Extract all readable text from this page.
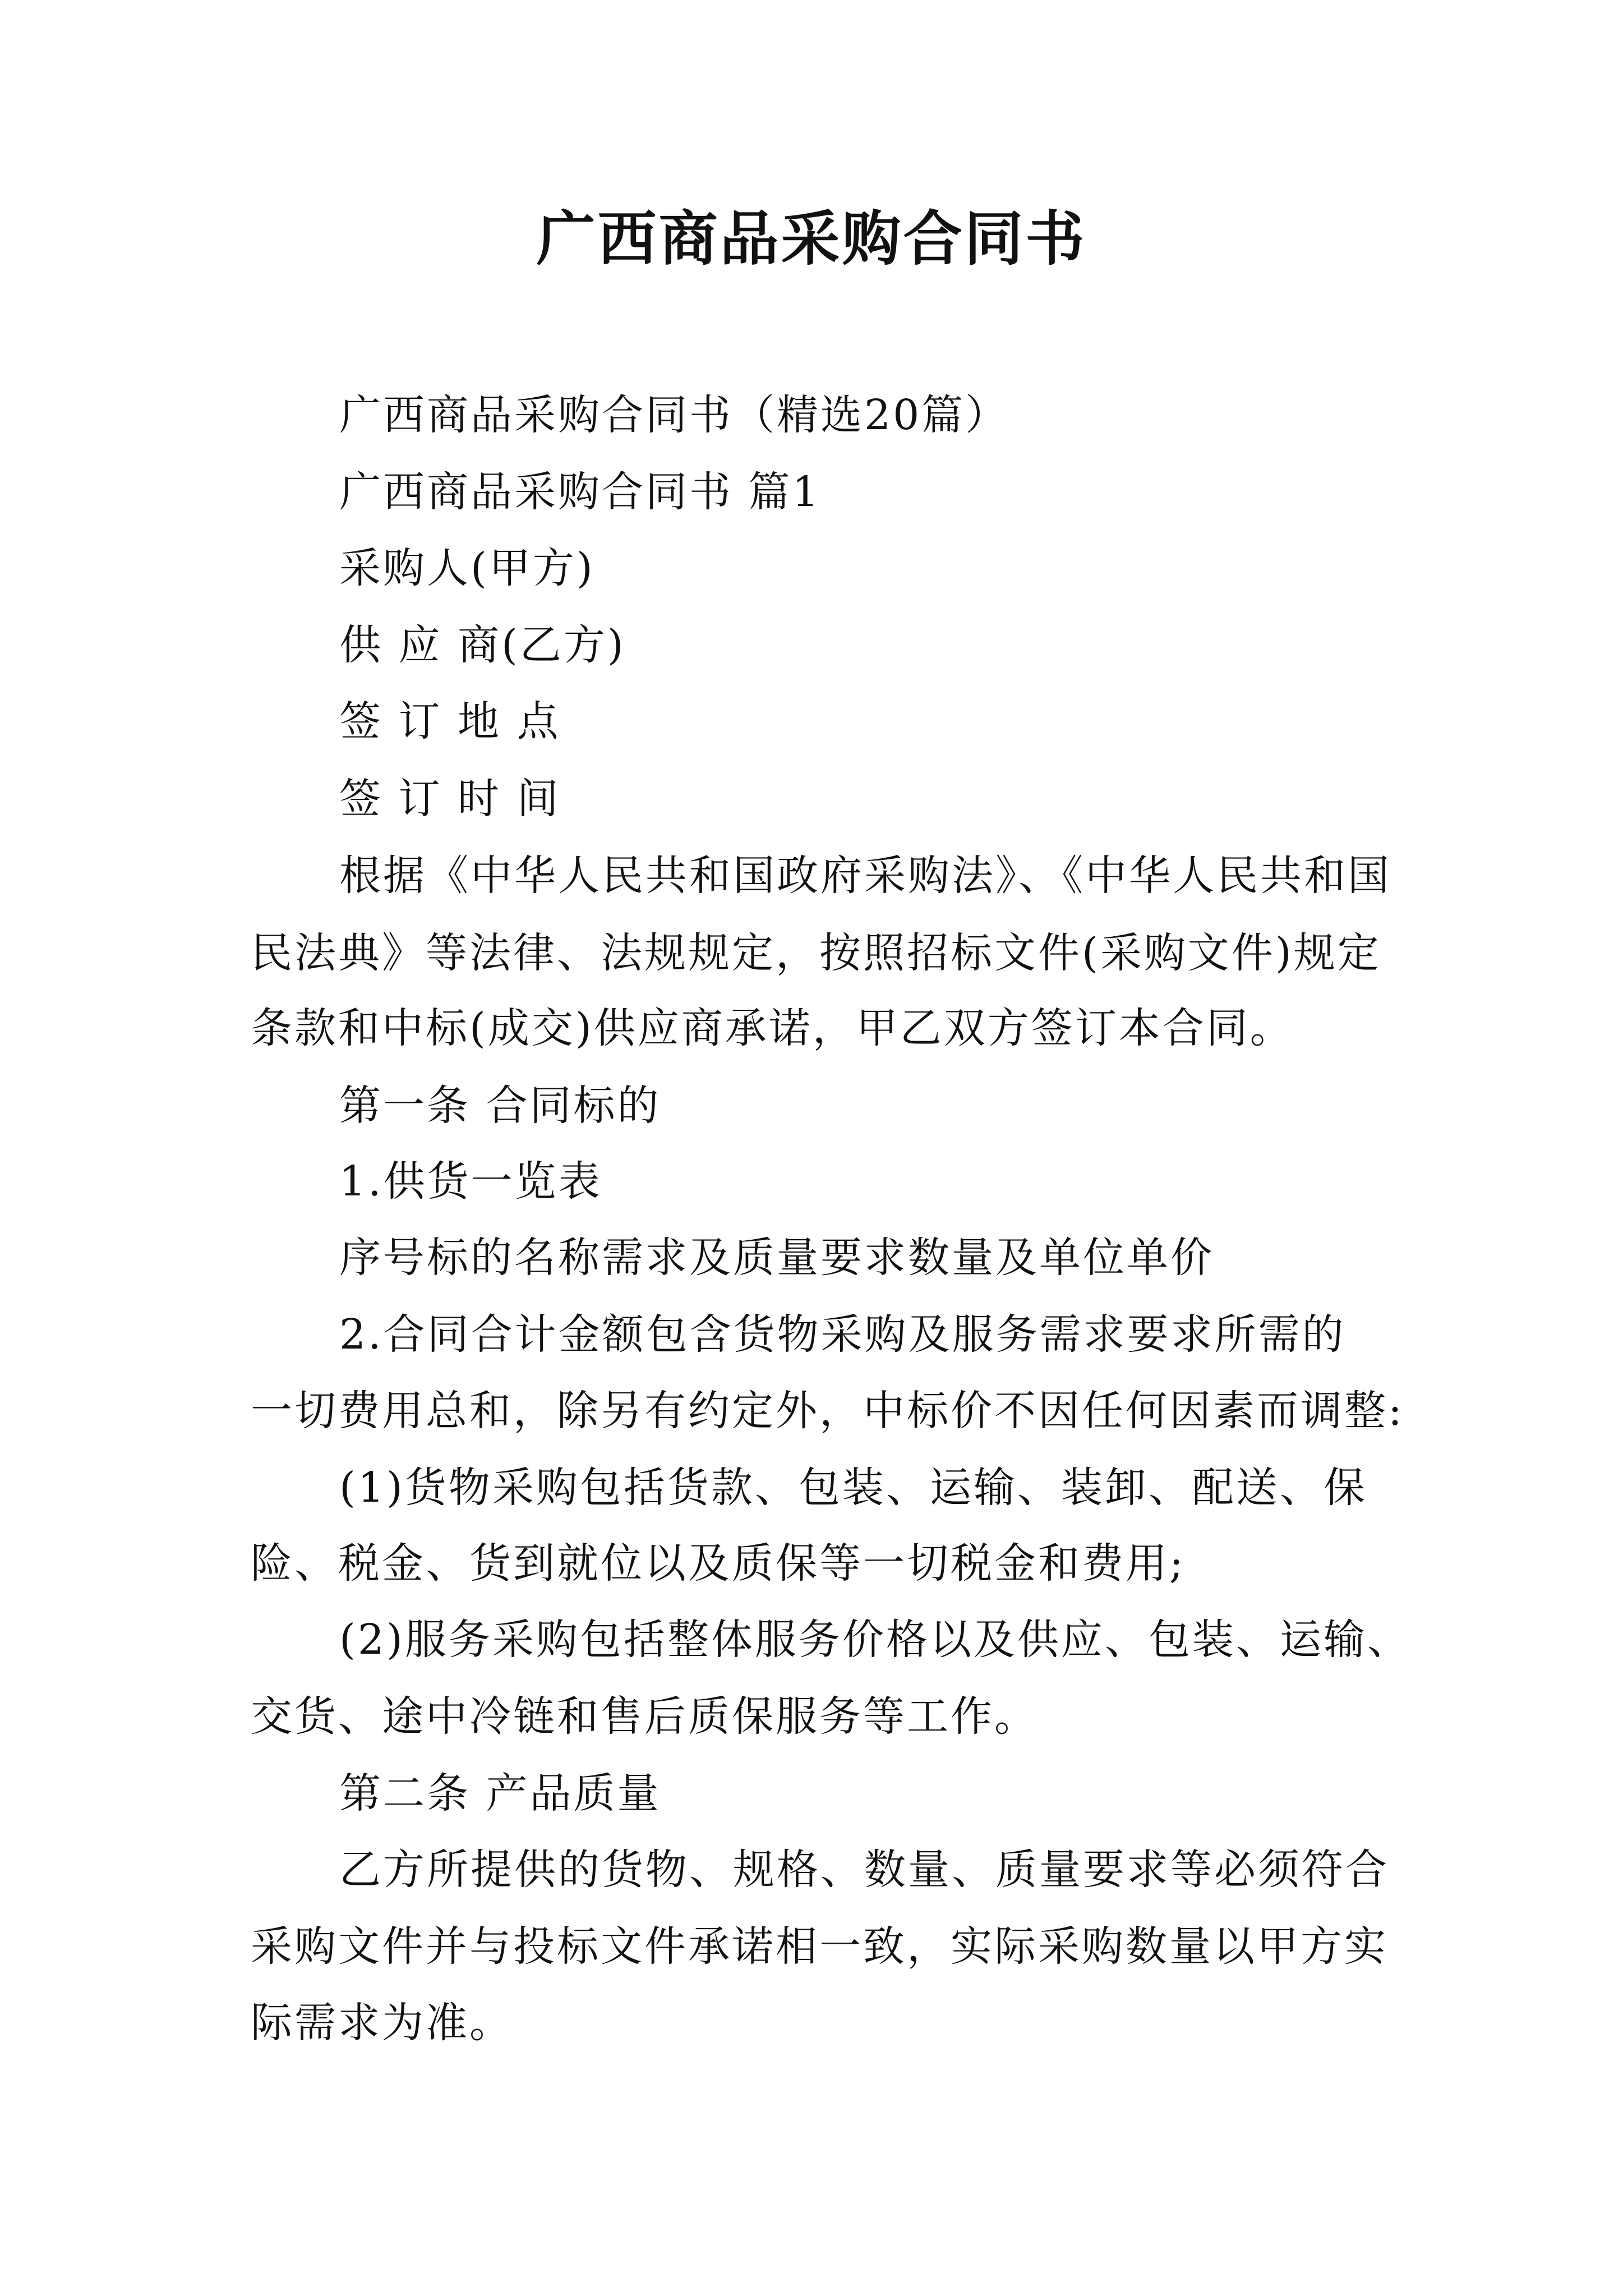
广西商品采购合同书

广西商品采购合同书（精选20篇）

广西商品采购合同书 篇1

采购人(甲方)

供 应 商(乙方)

签 订 地 点

签 订 时 间

根据《中华人民共和国政府采购法》、《中华人民共和国

民法典》等法律、法规规定，按照招标文件(采购文件)规定

条款和中标(成交)供应商承诺，甲乙双方签订本合同。

第一条 合同标的

1.供货一览表

序号标的名称需求及质量要求数量及单位单价

2.合同合计金额包含货物采购及服务需求要求所需的

一切费用总和，除另有约定外，中标价不因任何因素而调整:

(1)货物采购包括货款、包装、运输、装卸、配送、保

险、税金、货到就位以及质保等一切税金和费用;

(2)服务采购包括整体服务价格以及供应、包装、运输、

交货、途中冷链和售后质保服务等工作。

第二条 产品质量

乙方所提供的货物、规格、数量、质量要求等必须符合

采购文件并与投标文件承诺相一致，实际采购数量以甲方实

际需求为准。
